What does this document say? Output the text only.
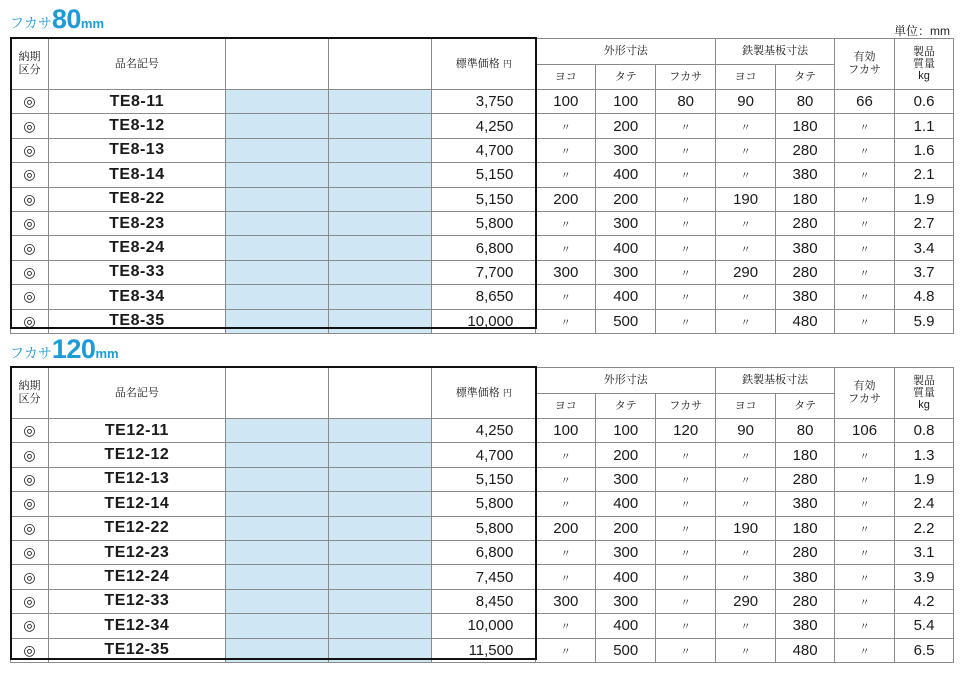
フカサ80mm	単位：mm
納期
区分	品名記号			標準価格 円	外形寸法			鉄製基板寸法		有効
フカサ	製品
質量
kg
					ヨコ	タテ	フカサ	ヨコ	タテ		
◎	TE8-11			3,750	100	100	80	90	80	66	0.6
◎	TE8-12			4,250	〃	200	〃	〃	180	〃	1.1
◎	TE8-13			4,700	〃	300	〃	〃	280	〃	1.6
◎	TE8-14			5,150	〃	400	〃	〃	380	〃	2.1
◎	TE8-22			5,150	200	200	〃	190	180	〃	1.9
◎	TE8-23			5,800	〃	300	〃	〃	280	〃	2.7
◎	TE8-24			6,800	〃	400	〃	〃	380	〃	3.4
◎	TE8-33			7,700	300	300	〃	290	280	〃	3.7
◎	TE8-34			8,650	〃	400	〃	〃	380	〃	4.8
◎	TE8-35			10,000	〃	500	〃	〃	480	〃	5.9
フカサ120mm
納期
区分	品名記号			標準価格 円	外形寸法			鉄製基板寸法		有効
フカサ	製品
質量
kg
					ヨコ	タテ	フカサ	ヨコ	タテ		
◎	TE12-11			4,250	100	100	120	90	80	106	0.8
◎	TE12-12			4,700	〃	200	〃	〃	180	〃	1.3
◎	TE12-13			5,150	〃	300	〃	〃	280	〃	1.9
◎	TE12-14			5,800	〃	400	〃	〃	380	〃	2.4
◎	TE12-22			5,800	200	200	〃	190	180	〃	2.2
◎	TE12-23			6,800	〃	300	〃	〃	280	〃	3.1
◎	TE12-24			7,450	〃	400	〃	〃	380	〃	3.9
◎	TE12-33			8,450	300	300	〃	290	280	〃	4.2
◎	TE12-34			10,000	〃	400	〃	〃	380	〃	5.4
◎	TE12-35			11,500	〃	500	〃	〃	480	〃	6.5
